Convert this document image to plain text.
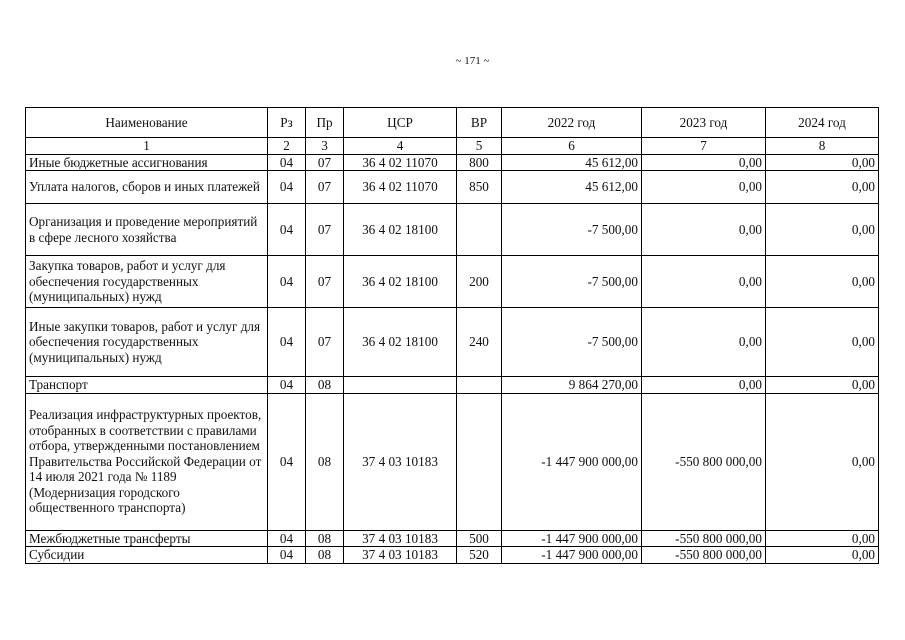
~ 171 ~
Наименование	Рз	Пр	ЦСР	ВР	2022 год	2023 год	2024 год
1	2	3	4	5	6	7	8
Иные бюджетные ассигнования	04	07	36 4 02 11070	800	45 612,00	0,00	0,00
Уплата налогов, сборов и иных платежей	04	07	36 4 02 11070	850	45 612,00	0,00	0,00
Организация и проведение мероприятий в сфере лесного хозяйства	04	07	36 4 02 18100		-7 500,00	0,00	0,00
Закупка товаров, работ и услуг для обеспечения государственных (муниципальных) нужд	04	07	36 4 02 18100	200	-7 500,00	0,00	0,00
Иные закупки товаров, работ и услуг для обеспечения государственных (муниципальных) нужд	04	07	36 4 02 18100	240	-7 500,00	0,00	0,00
Транспорт	04	08			9 864 270,00	0,00	0,00
Реализация инфраструктурных проектов, отобранных в соответствии с правилами отбора, утвержденными постановлением Правительства Российской Федерации от 14 июля 2021 года № 1189 (Модернизация городского общественного транспорта)	04	08	37 4 03 10183		-1 447 900 000,00	-550 800 000,00	0,00
Межбюджетные трансферты	04	08	37 4 03 10183	500	-1 447 900 000,00	-550 800 000,00	0,00
Субсидии	04	08	37 4 03 10183	520	-1 447 900 000,00	-550 800 000,00	0,00
